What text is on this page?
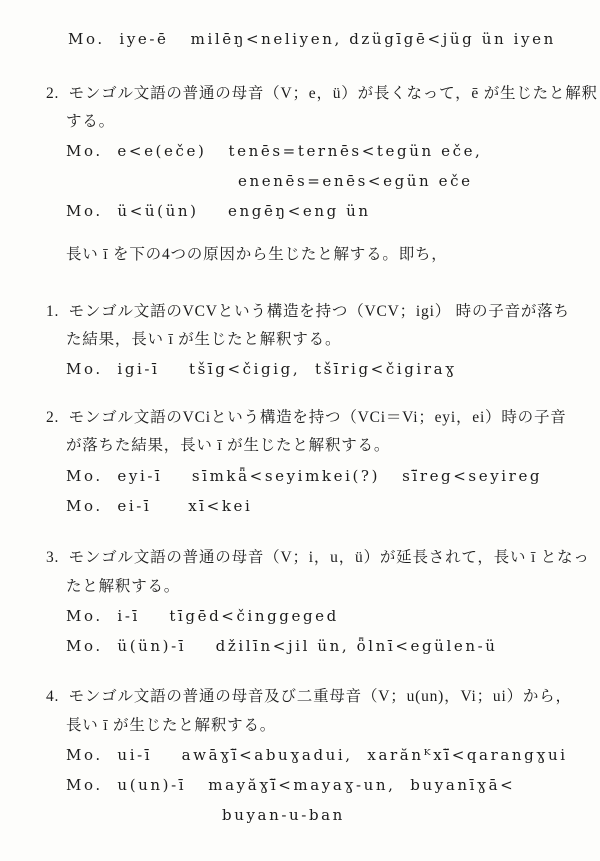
Mo.  iye-ē   milēŋ<neliyen, dzügīgē<jüg ün iyen
2.  モンゴル文語の普通の母音（V；e，ü）が長くなって，ē が生じたと解釈
する。
Mo.  e<e(eče)   tenēs=ternēs<tegün eče,
enenēs=enēs<egün eče
Mo.  ü<ü(ün)    engēŋ<eng ün
長い ī を下の4つの原因から生じたと解する。即ち，
1.  モンゴル文語のVCVという構造を持つ（VCV；igi） 時の子音が落ち
た結果，長い ī が生じたと解釈する。
Mo.  igi-ī    tšīg<čigig,  tšīrig<čigiraɣ
2.  モンゴル文語のVCiという構造を持つ（VCi＝Vi；eyi，ei）時の子音
が落ちた結果，長い ī が生じたと解釈する。
Mo.  eyi-ī    sīmkǟ<seyimkei(?)   sï̄reg<seyireg
Mo.  ei-ī     xī<kei
3.  モンゴル文語の普通の母音（V；i，u，ü）が延長されて，長い ī となっ
たと解釈する。
Mo.  i-ī    tīgēd<činggeged
Mo.  ü(ün)-ī    džilīn<jil ün, ȫlnī<egülen-ü
4.  モンゴル文語の普通の母音及び二重母音（V；u(un)，Vi；ui）から，
長い ī が生じたと解釈する。
Mo.  ui-ī    awāɣï̄<abuɣadui,  xarănᴷxï̄<qarangɣui
Mo.  u(un)-ī   mayăɣï̄<mayaɣ-un,  buyanīɣā<
buyan-u-ban
